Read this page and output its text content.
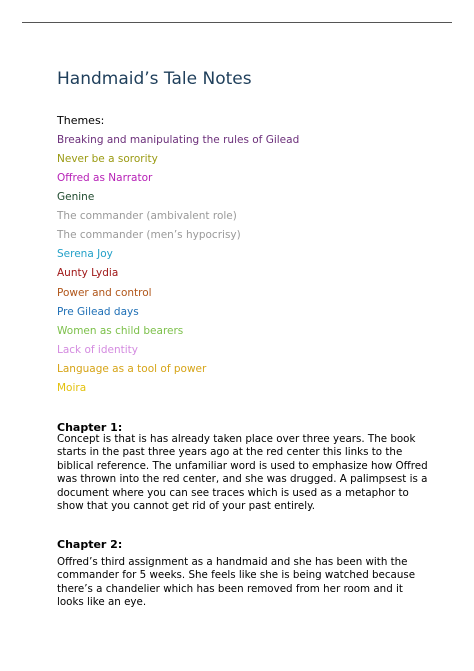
Handmaid’s Tale Notes
Themes:
Breaking and manipulating the rules of Gilead
Never be a sorority
Offred as Narrator
Genine
The commander (ambivalent role)
The commander (men’s hypocrisy)
Serena Joy
Aunty Lydia
Power and control
Pre Gilead days
Women as child bearers
Lack of identity
Language as a tool of power
Moira
Chapter 1:
Concept is that is has already taken place over three years. The book starts in the past three years ago at the red center this links to the biblical reference. The unfamiliar word is used to emphasize how Offred was thrown into the red center, and she was drugged. A palimpsest is a document where you can see traces which is used as a metaphor to show that you cannot get rid of your past entirely.
Chapter 2:
Offred’s third assignment as a handmaid and she has been with the commander for 5 weeks. She feels like she is being watched because there’s a chandelier which has been removed from her room and it looks like an eye.
